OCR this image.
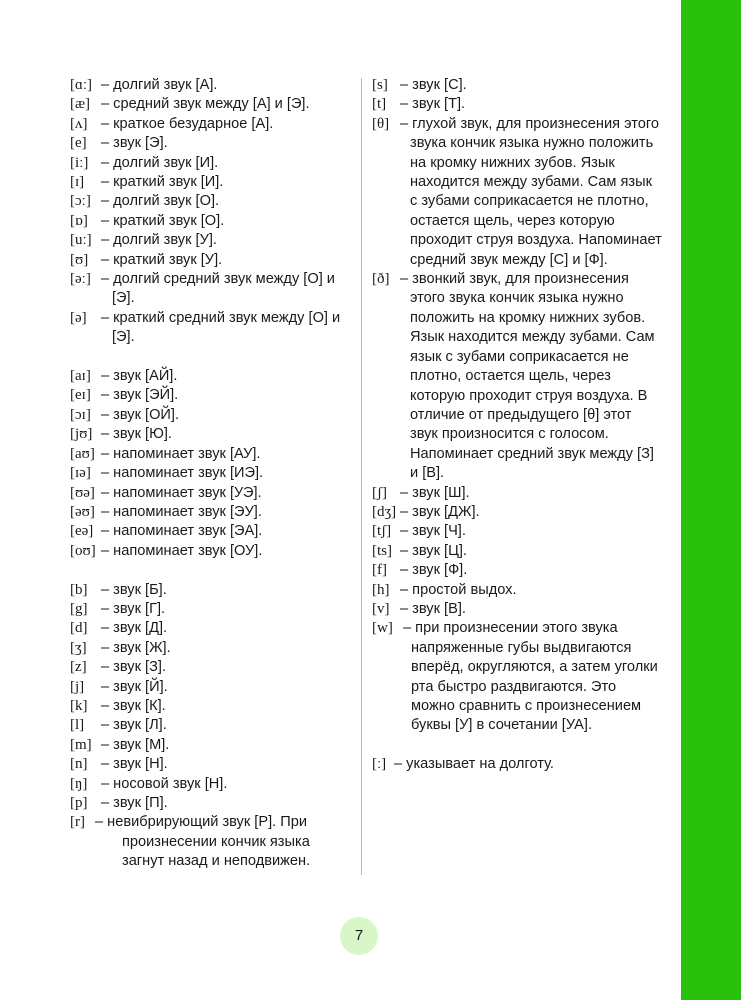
[ɑː] – долгий звук [А].
[æ] – средний звук между [А] и [Э].
[ʌ] – краткое безударное [А].
[e] – звук [Э].
[iː] – долгий звук [И].
[ɪ] – краткий звук [И].
[ɔː] – долгий звук [О].
[ɒ] – краткий звук [О].
[uː] – долгий звук [У].
[ʊ] – краткий звук [У].
[əː] – долгий средний звук между [О] и [Э].
[ə] – краткий средний звук между [О] и [Э].
[aɪ] – звук [АЙ].
[eɪ] – звук [ЭЙ].
[ɔɪ] – звук [ОЙ].
[jʊ] – звук [Ю].
[aʊ] – напоминает звук [АУ].
[ɪə] – напоминает звук [ИЭ].
[ʊə] – напоминает звук [УЭ].
[əʊ] – напоминает звук [ЭУ].
[eə] – напоминает звук [ЭА].
[oʊ] – напоминает звук [ОУ].
[b] – звук [Б].
[g] – звук [Г].
[d] – звук [Д].
[ʒ] – звук [Ж].
[z] – звук [З].
[j] – звук [Й].
[k] – звук [К].
[l] – звук [Л].
[m] – звук [М].
[n] – звук [Н].
[ŋ] – носовой звук [Н].
[p] – звук [П].
[r] – невибрирующий звук [Р]. При произнесении кончик языка загнут назад и неподвижен.
[s] – звук [С].
[t] – звук [Т].
[θ] – глухой звук, для произнесения этого звука кончик языка нужно положить на кромку нижних зубов. Язык находится между зубами. Сам язык с зубами соприкасается не плотно, остается щель, через которую проходит струя воздуха. Напоминает средний звук между [С] и [Ф].
[ð] – звонкий звук, для произнесения этого звука кончик языка нужно положить на кромку нижних зубов. Язык находится между зубами. Сам язык с зубами соприкасается не плотно, остается щель, через которую проходит струя воздуха. В отличие от предыдущего [θ] этот звук произносится с голосом. Напоминает средний звук между [З] и [В].
[ʃ] – звук [Ш].
[dʒ] – звук [ДЖ].
[tʃ] – звук [Ч].
[ts] – звук [Ц].
[f] – звук [Ф].
[h] – простой выдох.
[v] – звук [В].
[w] – при произнесении этого звука напряженные губы выдвигаются вперёд, округляются, а затем уголки рта быстро раздвигаются. Это можно сравнить с произнесением буквы [У] в сочетании [УА].
[ː] – указывает на долготу.
7
